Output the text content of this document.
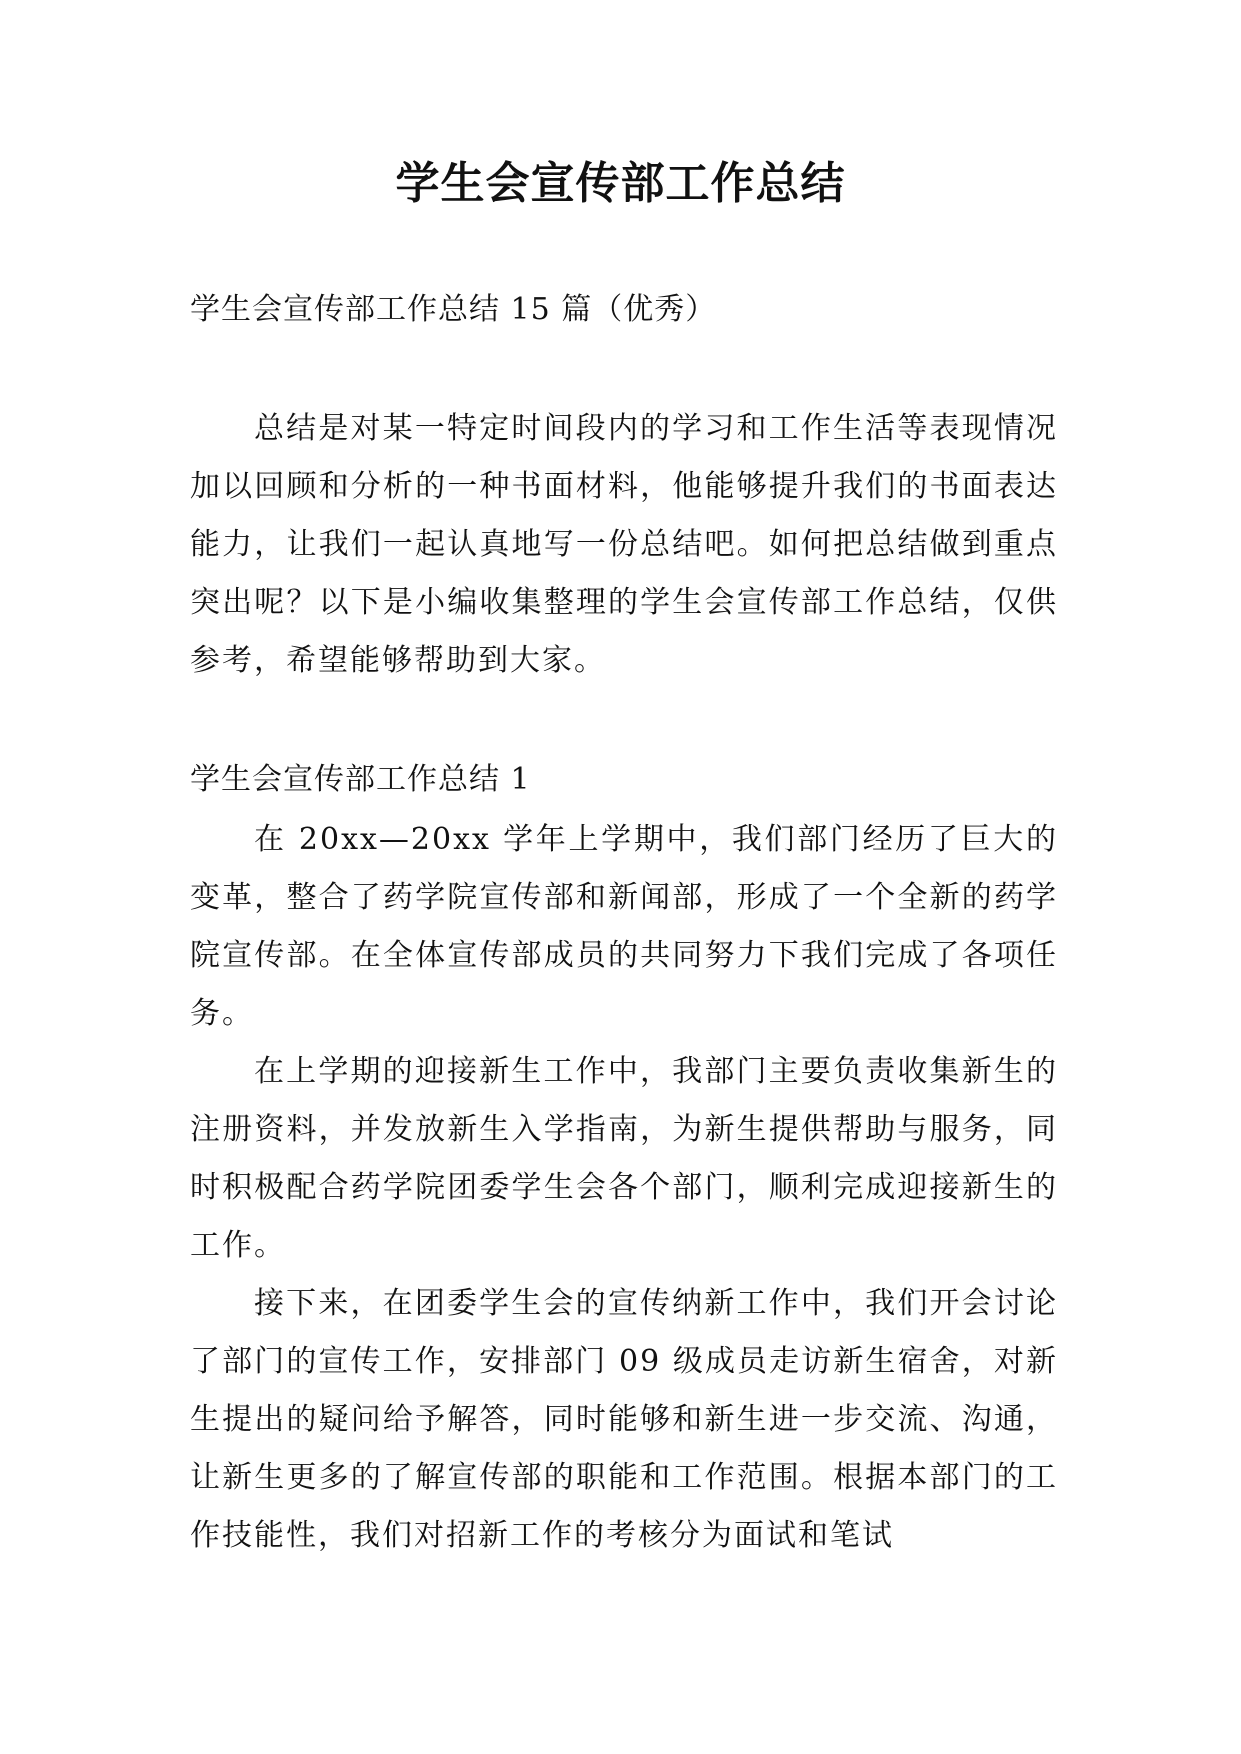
学生会宣传部工作总结

学生会宣传部工作总结 15 篇（优秀）

总结是对某一特定时间段内的学习和工作生活等表现情况加以回顾和分析的一种书面材料，他能够提升我们的书面表达能力，让我们一起认真地写一份总结吧。如何把总结做到重点突出呢？以下是小编收集整理的学生会宣传部工作总结，仅供参考，希望能够帮助到大家。

学生会宣传部工作总结 1

在 20xx—20xx 学年上学期中，我们部门经历了巨大的变革，整合了药学院宣传部和新闻部，形成了一个全新的药学院宣传部。在全体宣传部成员的共同努力下我们完成了各项任务。

在上学期的迎接新生工作中，我部门主要负责收集新生的注册资料，并发放新生入学指南，为新生提供帮助与服务，同时积极配合药学院团委学生会各个部门，顺利完成迎接新生的工作。

接下来，在团委学生会的宣传纳新工作中，我们开会讨论了部门的宣传工作，安排部门 09 级成员走访新生宿舍，对新生提出的疑问给予解答，同时能够和新生进一步交流、沟通，让新生更多的了解宣传部的职能和工作范围。根据本部门的工作技能性，我们对招新工作的考核分为面试和笔试
